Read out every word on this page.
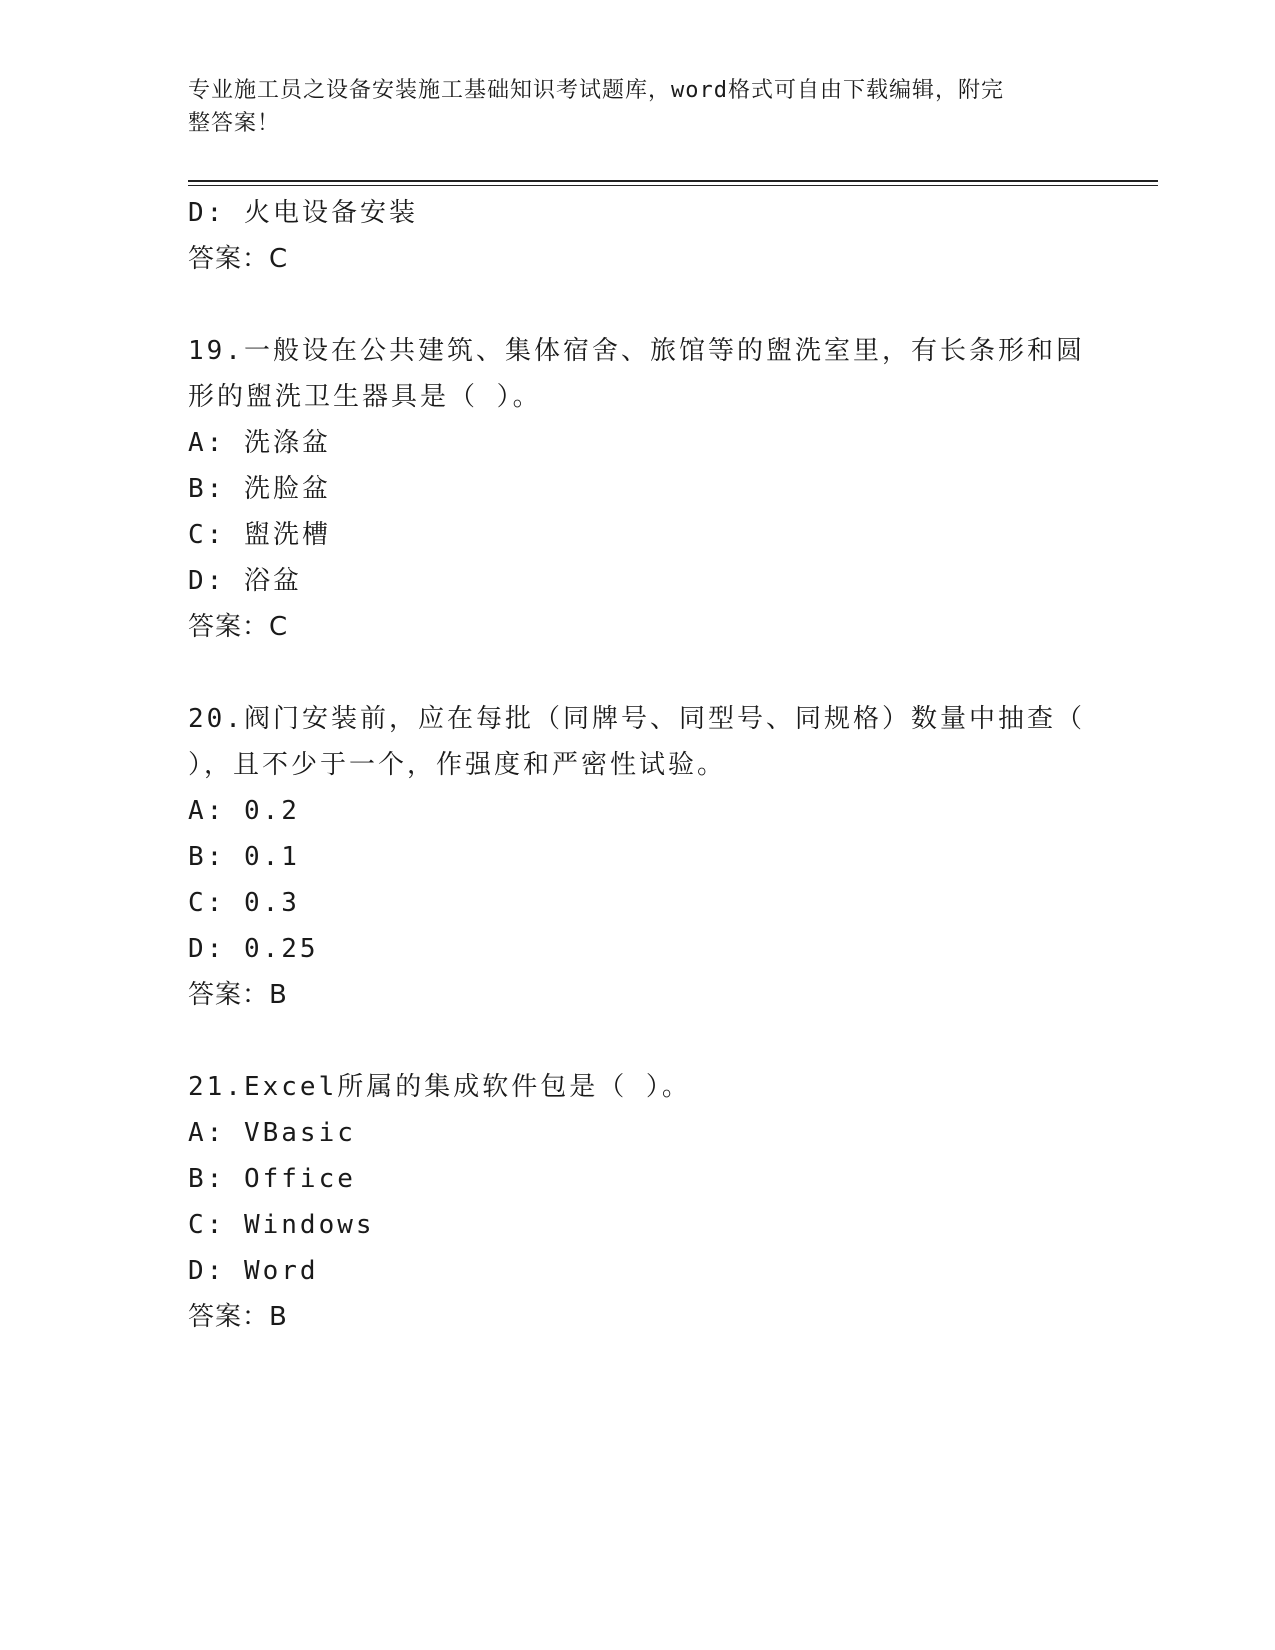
专业施工员之设备安装施工基础知识考试题库，word格式可自由下载编辑，附完
整答案！
D: 火电设备安装
答案：C
19.一般设在公共建筑、集体宿舍、旅馆等的盥洗室里，有长条形和圆
形的盥洗卫生器具是（ ）。
A: 洗涤盆
B: 洗脸盆
C: 盥洗槽
D: 浴盆
答案：C
20.阀门安装前，应在每批（同牌号、同型号、同规格）数量中抽查（
），且不少于一个，作强度和严密性试验。
A: 0.2
B: 0.1
C: 0.3
D: 0.25
答案：B
21.Excel所属的集成软件包是（ ）。
A: VBasic
B: Office
C: Windows
D: Word
答案：B
